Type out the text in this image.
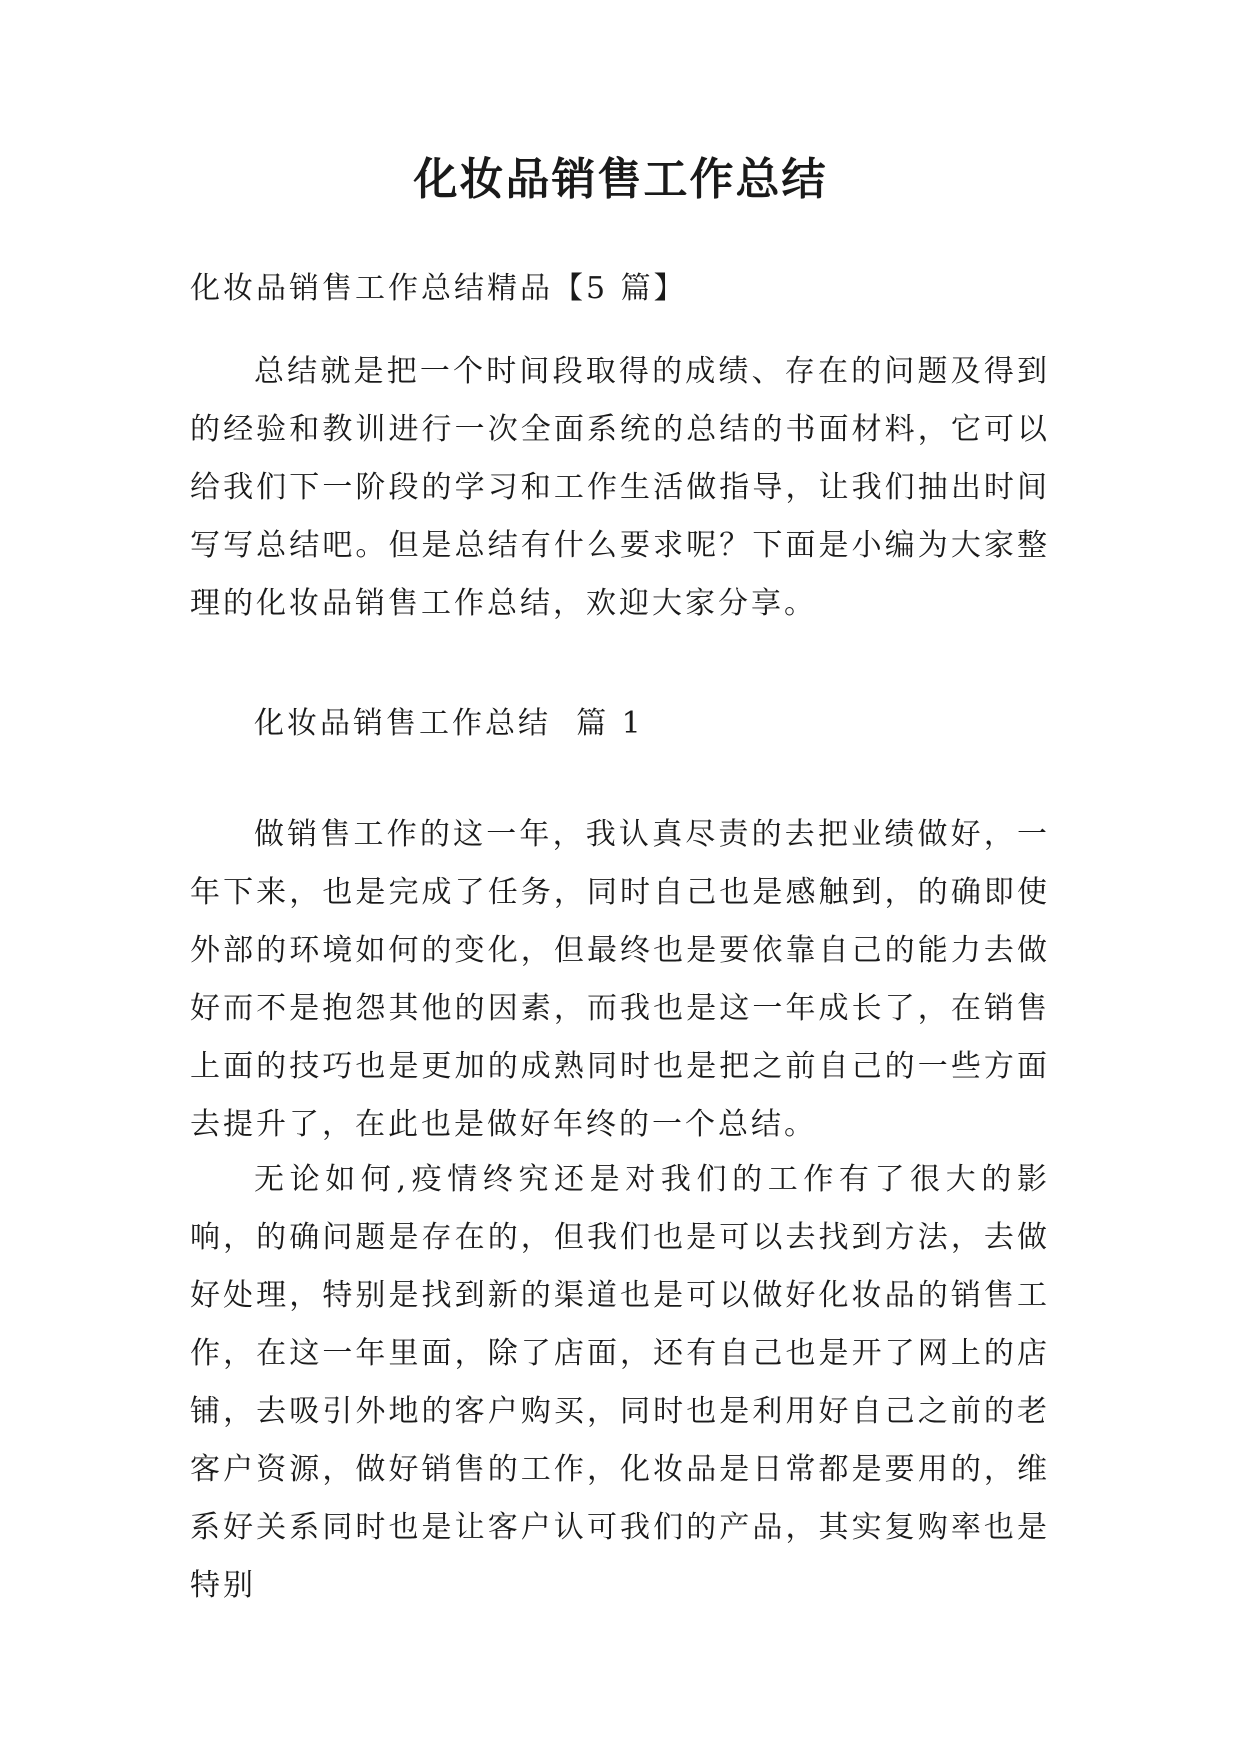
化妆品销售工作总结

化妆品销售工作总结精品【5 篇】

总结就是把一个时间段取得的成绩、存在的问题及得到的经验和教训进行一次全面系统的总结的书面材料，它可以给我们下一阶段的学习和工作生活做指导，让我们抽出时间写写总结吧。但是总结有什么要求呢？下面是小编为大家整理的化妆品销售工作总结，欢迎大家分享。

化妆品销售工作总结  篇 1

做销售工作的这一年，我认真尽责的去把业绩做好，一年下来，也是完成了任务，同时自己也是感触到，的确即使外部的环境如何的变化，但最终也是要依靠自己的能力去做好而不是抱怨其他的因素，而我也是这一年成长了，在销售上面的技巧也是更加的成熟同时也是把之前自己的一些方面去提升了，在此也是做好年终的一个总结。

无论如何,疫情终究还是对我们的工作有了很大的影响，的确问题是存在的，但我们也是可以去找到方法，去做好处理，特别是找到新的渠道也是可以做好化妆品的销售工作，在这一年里面，除了店面，还有自己也是开了网上的店铺，去吸引外地的客户购买，同时也是利用好自己之前的老客户资源，做好销售的工作，化妆品是日常都是要用的，维系好关系同时也是让客户认可我们的产品，其实复购率也是特别
